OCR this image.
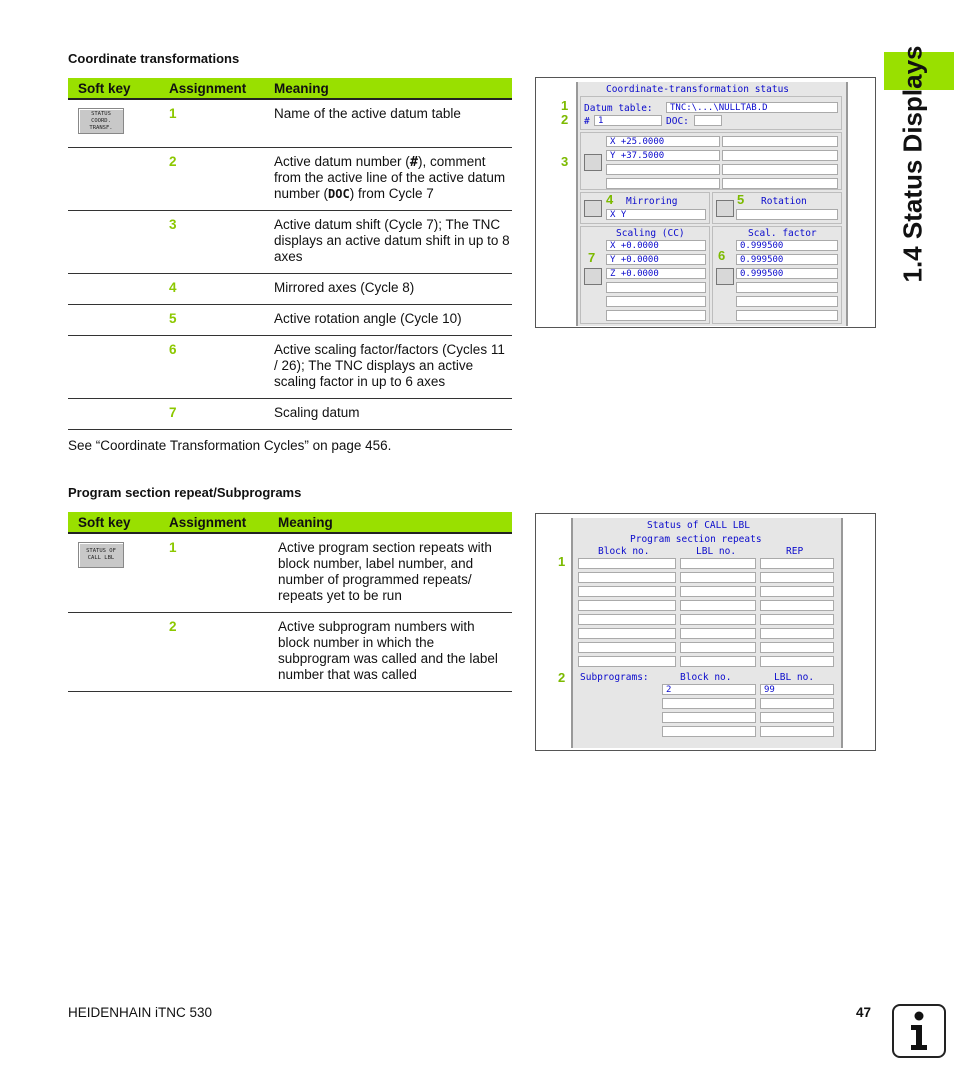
Coordinate transformations
Soft key	Assignment	Meaning

STATUS
COORD.
TRANSF.	1	Name of the active datum table
	2	Active datum number (#), comment from the active line of the active datum number (DOC) from Cycle 7
	3	Active datum shift (Cycle 7); The TNC displays an active datum shift in up to 8 axes
	4	Mirrored axes (Cycle 8)
	5	Active rotation angle (Cycle 10)
	6	Active scaling factor/factors (Cycles 11 / 26); The TNC displays an active scaling factor in up to 6 axes
	7	Scaling datum
See “Coordinate Transformation Cycles” on page 456.
Coordinate-transformation status
Datum table:	TNC:\...\NULLTAB.D
# 1	DOC:
X +25.0000
Y +37.5000
Mirroring
X Y
Rotation
Scaling (CC)
X +0.0000
Y +0.0000
Z +0.0000
Scal. factor
0.999500
0.999500
0.999500
1
2
3
4	5
6
7
Program section repeat/Subprograms
Soft key	Assignment	Meaning

STATUS OF
CALL LBL	1	Active program section repeats with block number, label number, and number of programmed repeats/ repeats yet to be run
	2	Active subprogram numbers with block number in which the subprogram was called and the label number that was called
Status of CALL LBL
Program section repeats
Block no.	LBL no.	REP
Subprograms:	Block no.	LBL no.
2	99
1
2
1.4 Status Displays
HEIDENHAIN iTNC 530	47
